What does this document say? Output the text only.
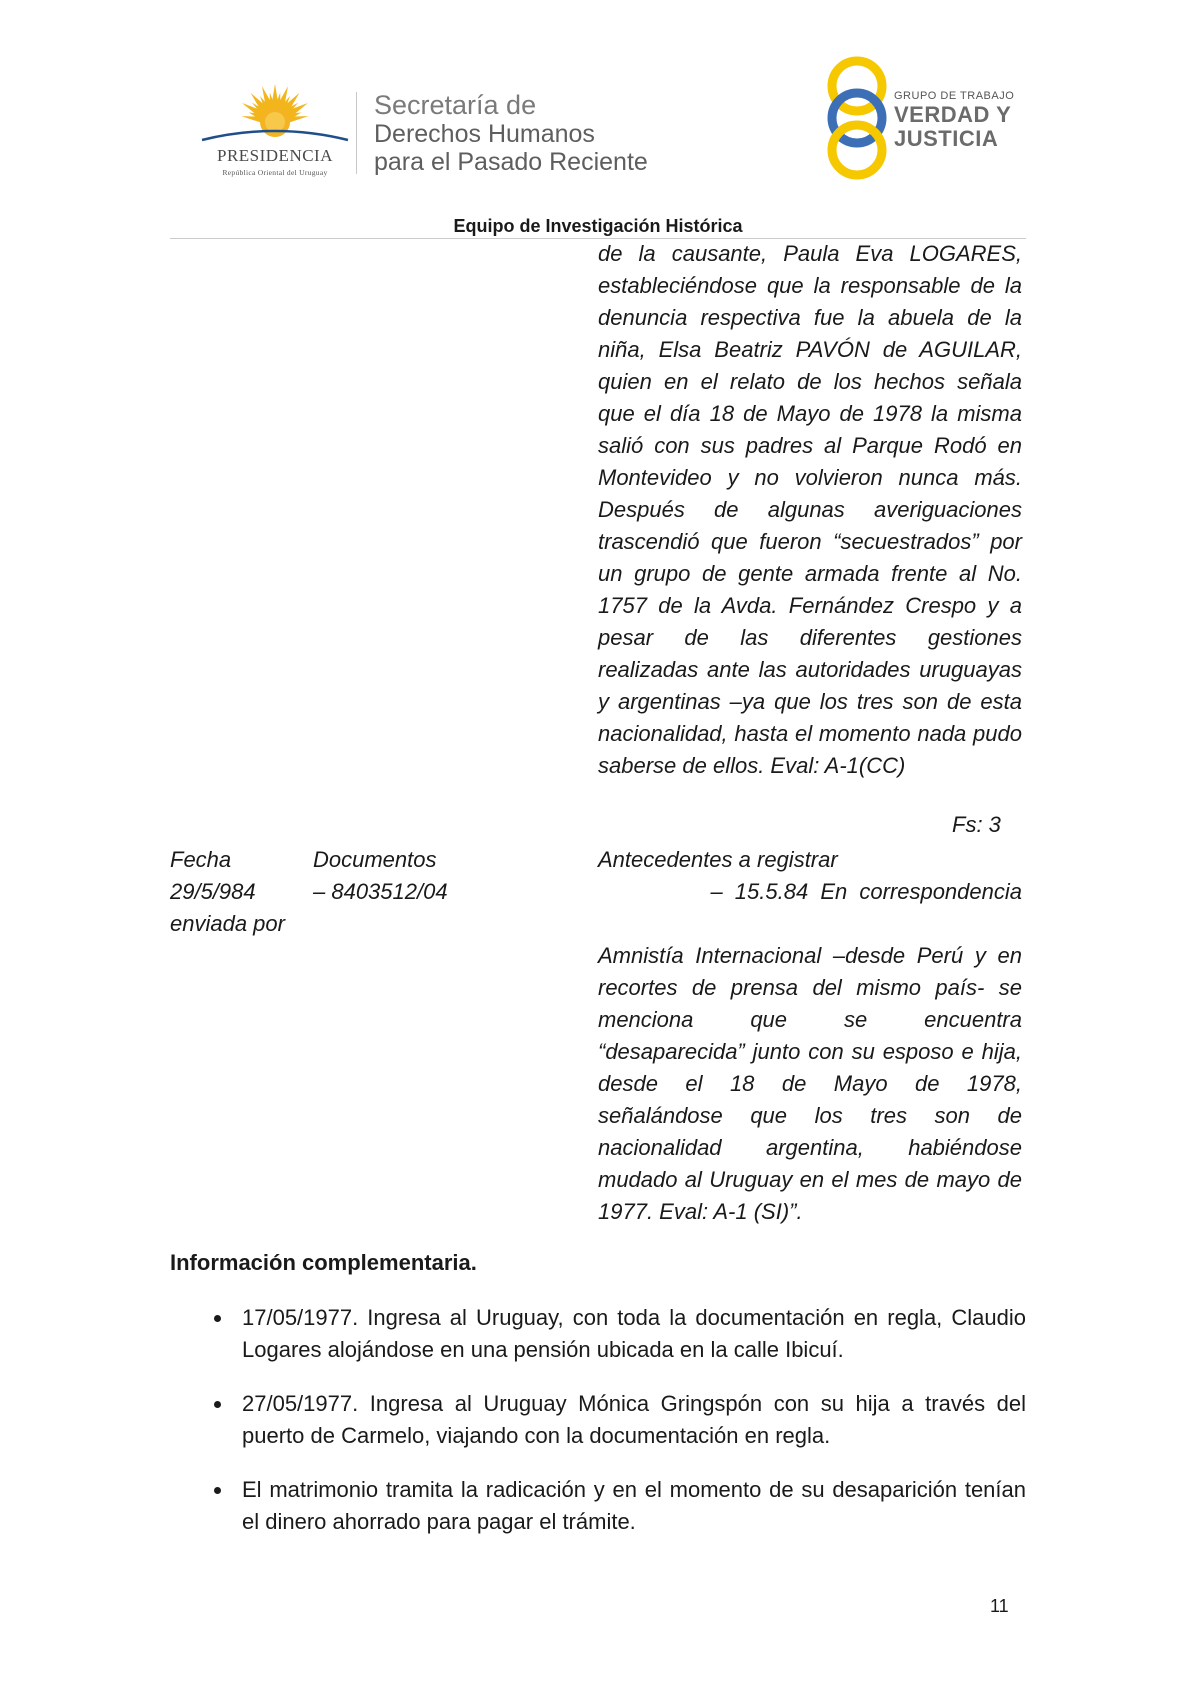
PRESIDENCIA
República Oriental del Uruguay
Secretaría de
Derechos Humanos
para el Pasado Reciente
GRUPO DE TRABAJO
VERDAD Y
JUSTICIA
Equipo de Investigación Histórica
de la causante, Paula Eva LOGARES, estableciéndose que la responsable de la denuncia respectiva fue la abuela de la niña, Elsa Beatriz PAVÓN de AGUILAR, quien en el relato de los hechos señala que el día 18 de Mayo de 1978 la misma salió con sus padres al Parque Rodó en Montevideo y no volvieron nunca más. Después de algunas averiguaciones trascendió que fueron “secuestrados” por un grupo de gente armada frente al No. 1757 de la Avda. Fernández Crespo y a pesar de las diferentes gestiones realizadas ante las autoridades uruguayas y argentinas –ya que los tres son de esta nacionalidad, hasta el momento nada pudo saberse de ellos. Eval: A-1(CC)
Fs: 3
Fecha	Documentos	Antecedentes a registrar
29/5/984	– 8403512/04	– 15.5.84 En correspondencia
enviada por
Amnistía Internacional –desde Perú y en recortes de prensa del mismo país- se menciona que se encuentra “desaparecida” junto con su esposo e hija, desde el 18 de Mayo de 1978, señalándose que los tres son de nacionalidad argentina, habiéndose mudado al Uruguay en el mes de mayo de 1977. Eval: A-1 (SI)”.
Información complementaria.
17/05/1977. Ingresa al Uruguay, con toda la documentación en regla, Claudio Logares alojándose en una pensión ubicada en la calle Ibicuí.
27/05/1977. Ingresa al Uruguay Mónica Gringspón con su hija a través del puerto de Carmelo, viajando con la documentación en regla.
El matrimonio tramita la radicación y en el momento de su desaparición tenían el dinero ahorrado para pagar el trámite.
11
